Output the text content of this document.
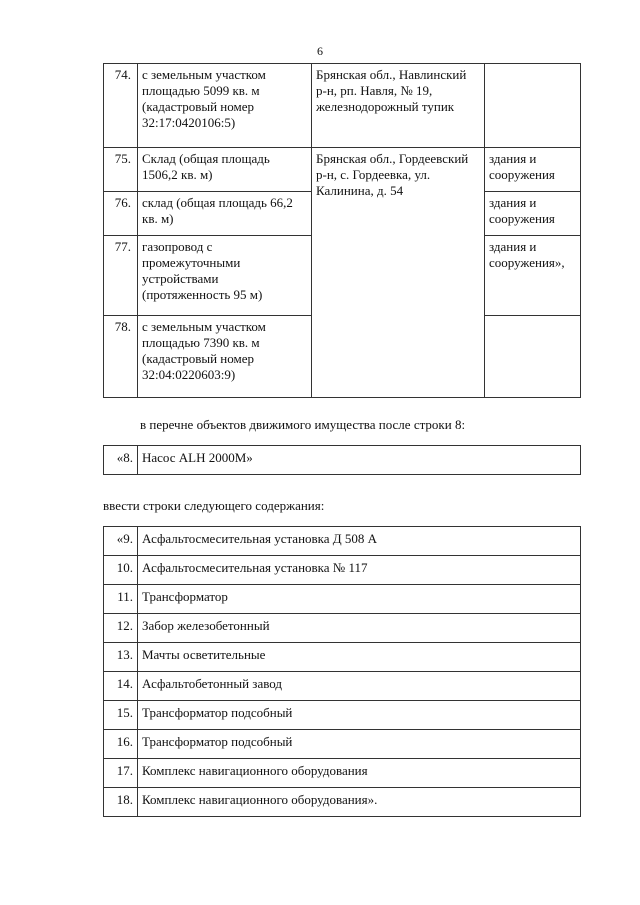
6
74.	с земельным участком площадью 5099 кв. м (кадастровый номер 32:17:0420106:5)	Брянская обл., Навлинский р-н, рп. Навля, № 19, железнодорожный тупик	
75.	Склад (общая площадь 1506,2 кв. м)	Брянская обл., Гордеевский р-н, с. Гордеевка, ул. Калинина, д. 54	здания и сооружения
76.	склад (общая площадь 66,2 кв. м)		здания и сооружения
77.	газопровод с промежуточными устройствами (протяженность 95 м)		здания и сооружения»,
78.	с земельным участком площадью 7390 кв. м (кадастровый номер 32:04:0220603:9)		
в перечне объектов движимого имущества после строки 8:
«8.	Насос ALH 2000М»
ввести строки следующего содержания:
«9.	Асфальтосмесительная установка Д 508 А
10.	Асфальтосмесительная установка № 117
11.	Трансформатор
12.	Забор железобетонный
13.	Мачты осветительные
14.	Асфальтобетонный завод
15.	Трансформатор подсобный
16.	Трансформатор подсобный
17.	Комплекс навигационного оборудования
18.	Комплекс навигационного оборудования».
